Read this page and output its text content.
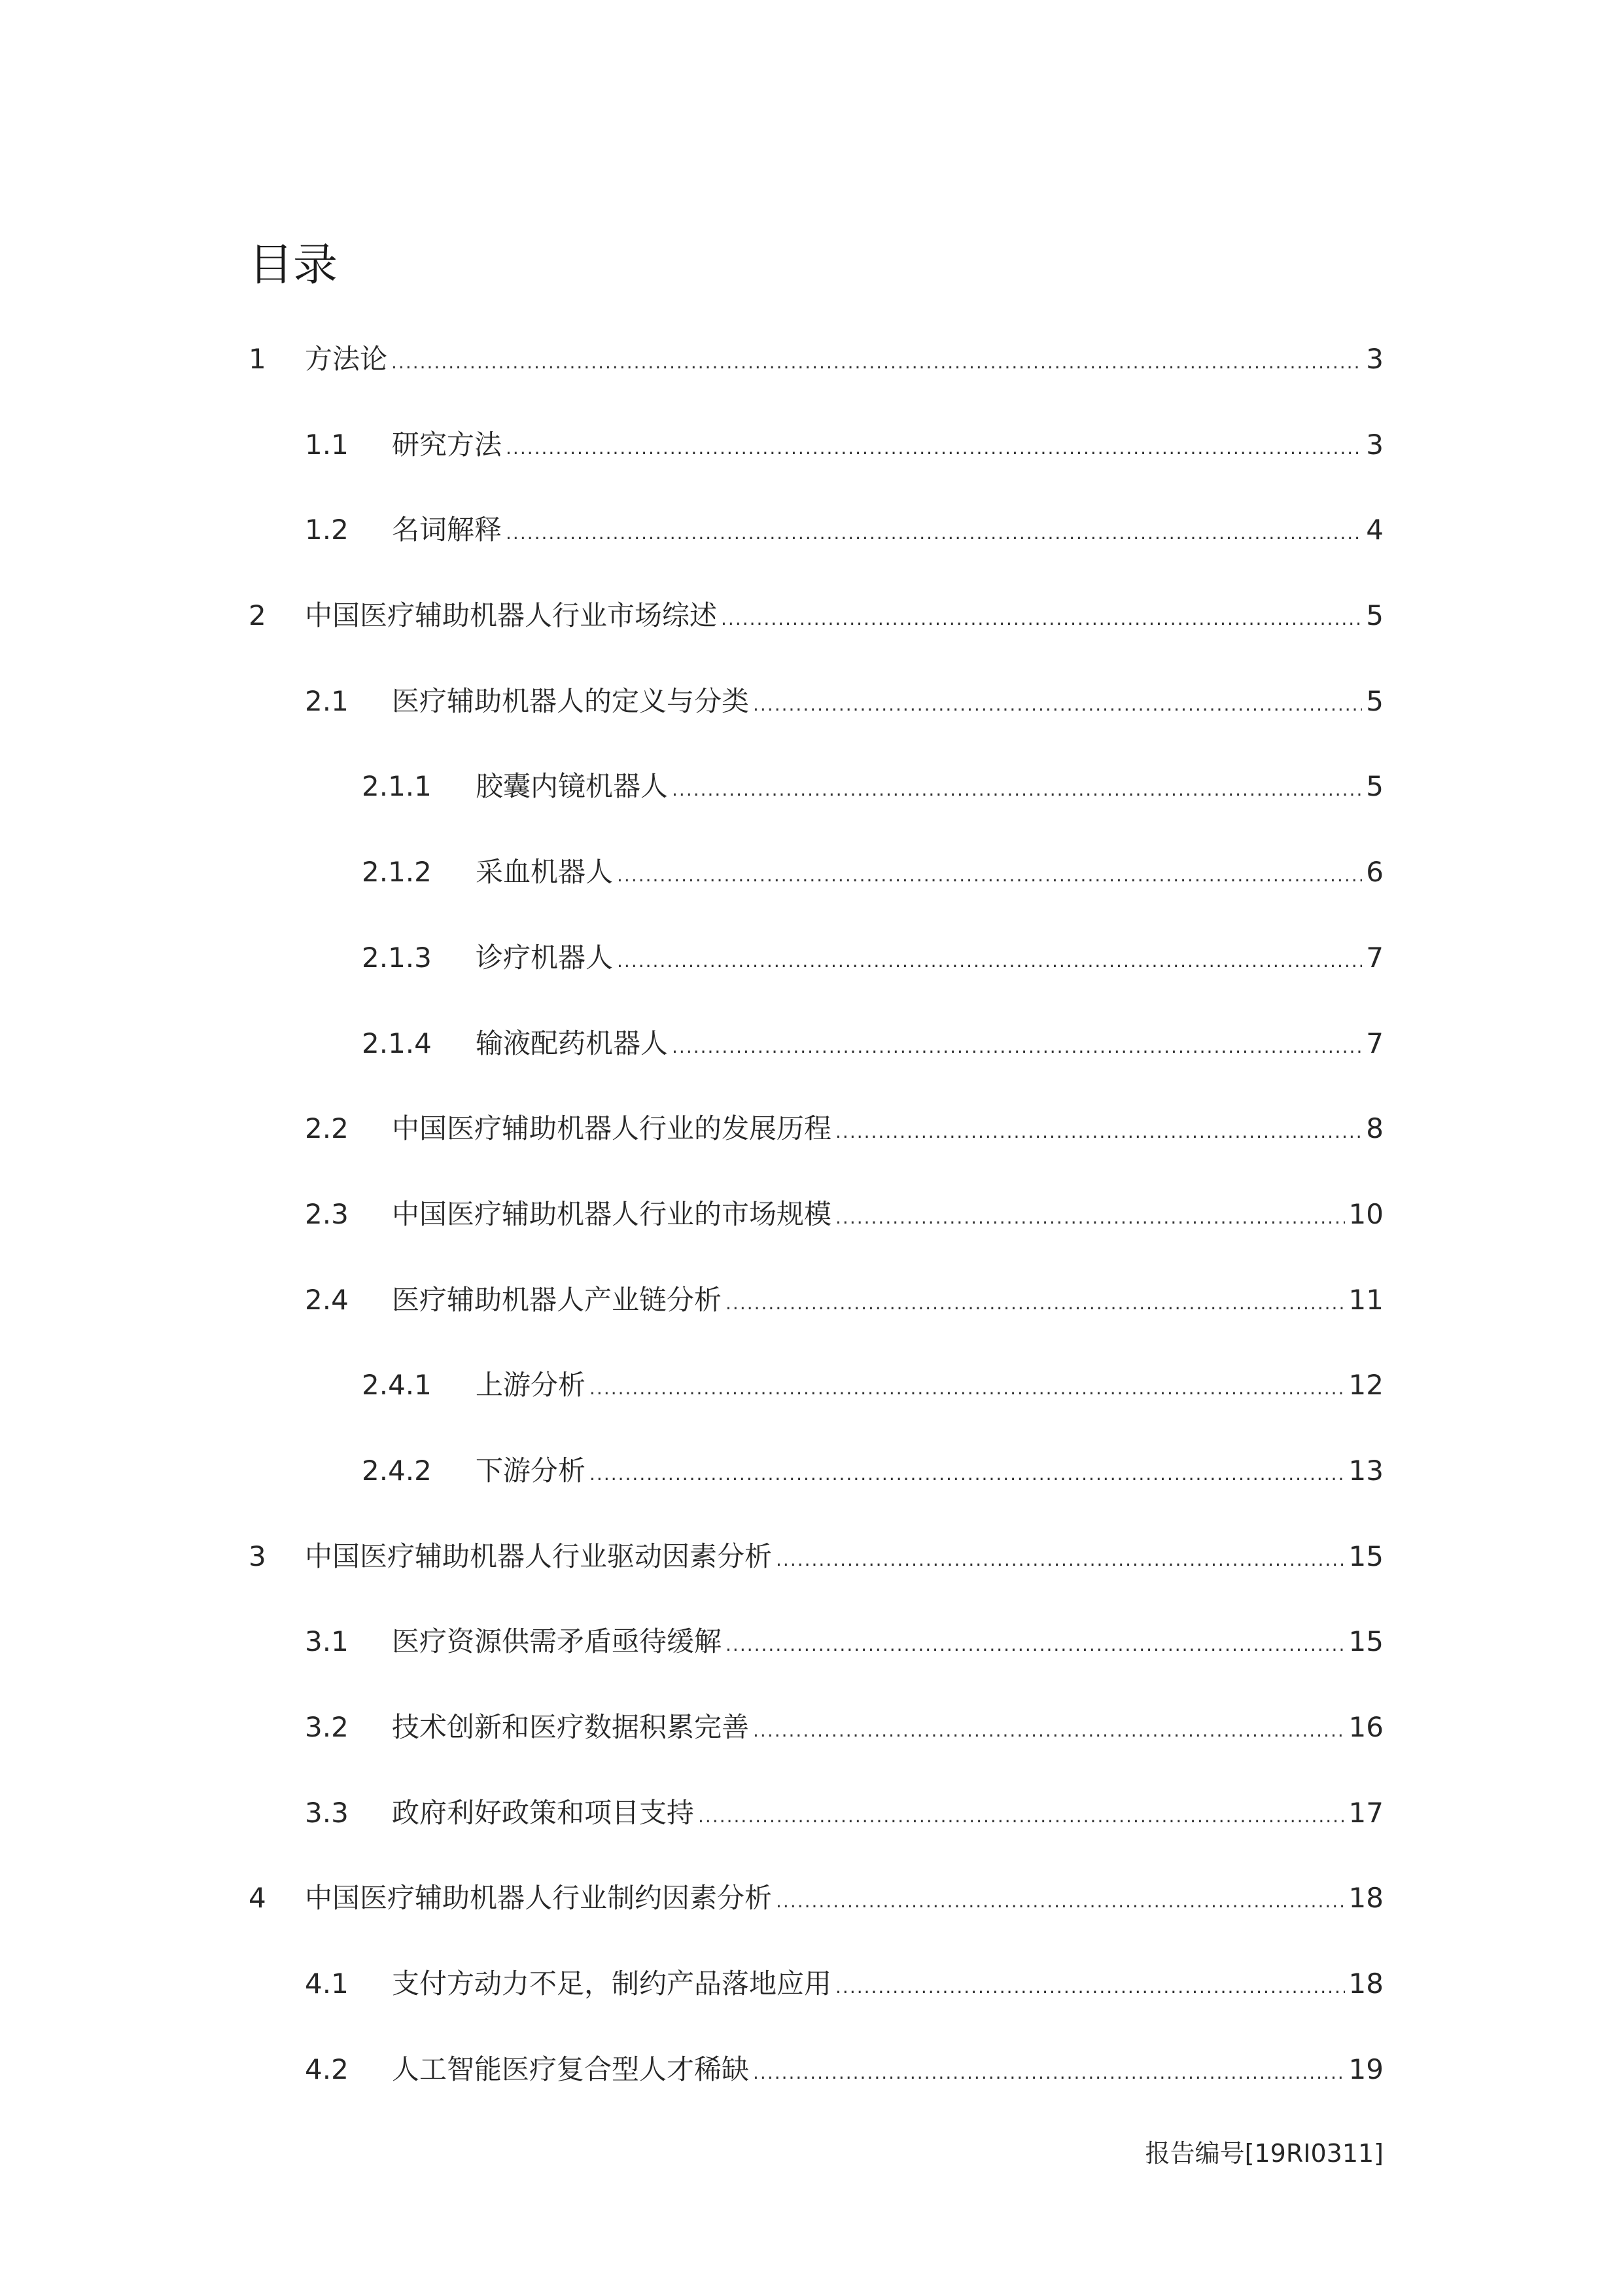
目录
1	方法论 .....	3
1.1	研究方法 .....	3
1.2	名词解释 .....	4
2	中国医疗辅助机器人行业市场综述 .....	5
2.1	医疗辅助机器人的定义与分类 .....	5
2.1.1	胶囊内镜机器人 .....	5
2.1.2	采血机器人 .....	6
2.1.3	诊疗机器人 .....	7
2.1.4	输液配药机器人 .....	7
2.2	中国医疗辅助机器人行业的发展历程 .....	8
2.3	中国医疗辅助机器人行业的市场规模 .....	10
2.4	医疗辅助机器人产业链分析 .....	11
2.4.1	上游分析 .....	12
2.4.2	下游分析 .....	13
3	中国医疗辅助机器人行业驱动因素分析 .....	15
3.1	医疗资源供需矛盾亟待缓解 .....	15
3.2	技术创新和医疗数据积累完善 .....	16
3.3	政府利好政策和项目支持 .....	17
4	中国医疗辅助机器人行业制约因素分析 .....	18
4.1	支付方动力不足，制约产品落地应用 .....	18
4.2	人工智能医疗复合型人才稀缺 .....	19
报告编号[19RI0311]
